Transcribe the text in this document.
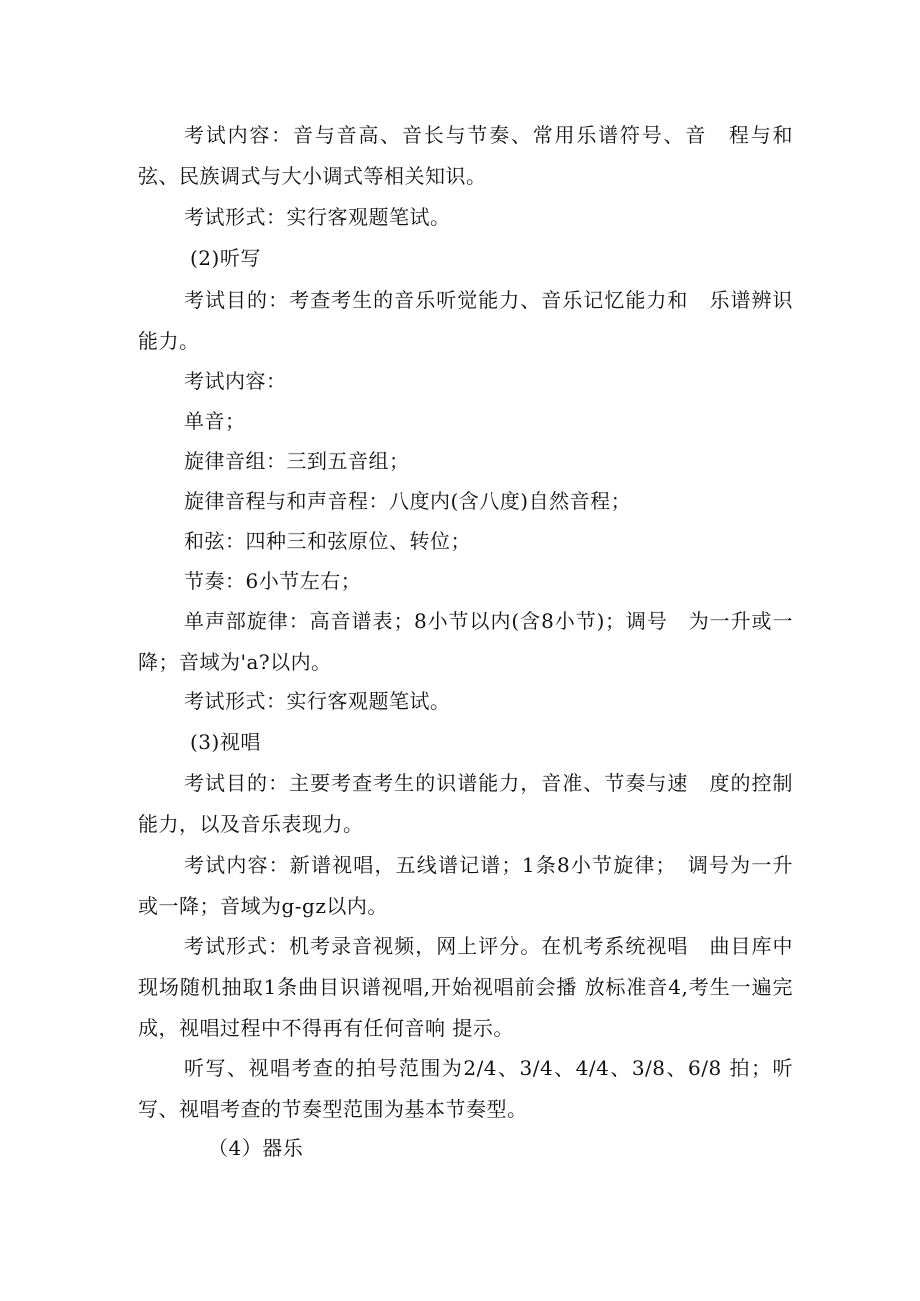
考试内容：音与音高、音长与节奏、常用乐谱符号、音　程与和弦、民族调式与大小调式等相关知识。

考试形式：实行客观题笔试。

(2)听写

考试目的：考查考生的音乐听觉能力、音乐记忆能力和　乐谱辨识能力。

考试内容：

单音；

旋律音组：三到五音组；

旋律音程与和声音程：八度内(含八度)自然音程；

和弦：四种三和弦原位、转位；

节奏：6小节左右；

单声部旋律：高音谱表；8小节以内(含8小节)；调号　为一升或一降；音域为'a?以内。

考试形式：实行客观题笔试。

(3)视唱

考试目的：主要考查考生的识谱能力，音准、节奏与速　度的控制能力，以及音乐表现力。

考试内容：新谱视唱，五线谱记谱；1条8小节旋律；　调号为一升或一降；音域为g-gz以内。

考试形式：机考录音视频，网上评分。在机考系统视唱　曲目库中现场随机抽取1条曲目识谱视唱,开始视唱前会播 放标准音4,考生一遍完成，视唱过程中不得再有任何音响 提示。

听写、视唱考查的拍号范围为2/4、3/4、4/4、3/8、6/8 拍；听写、视唱考查的节奏型范围为基本节奏型。

（4）器乐
